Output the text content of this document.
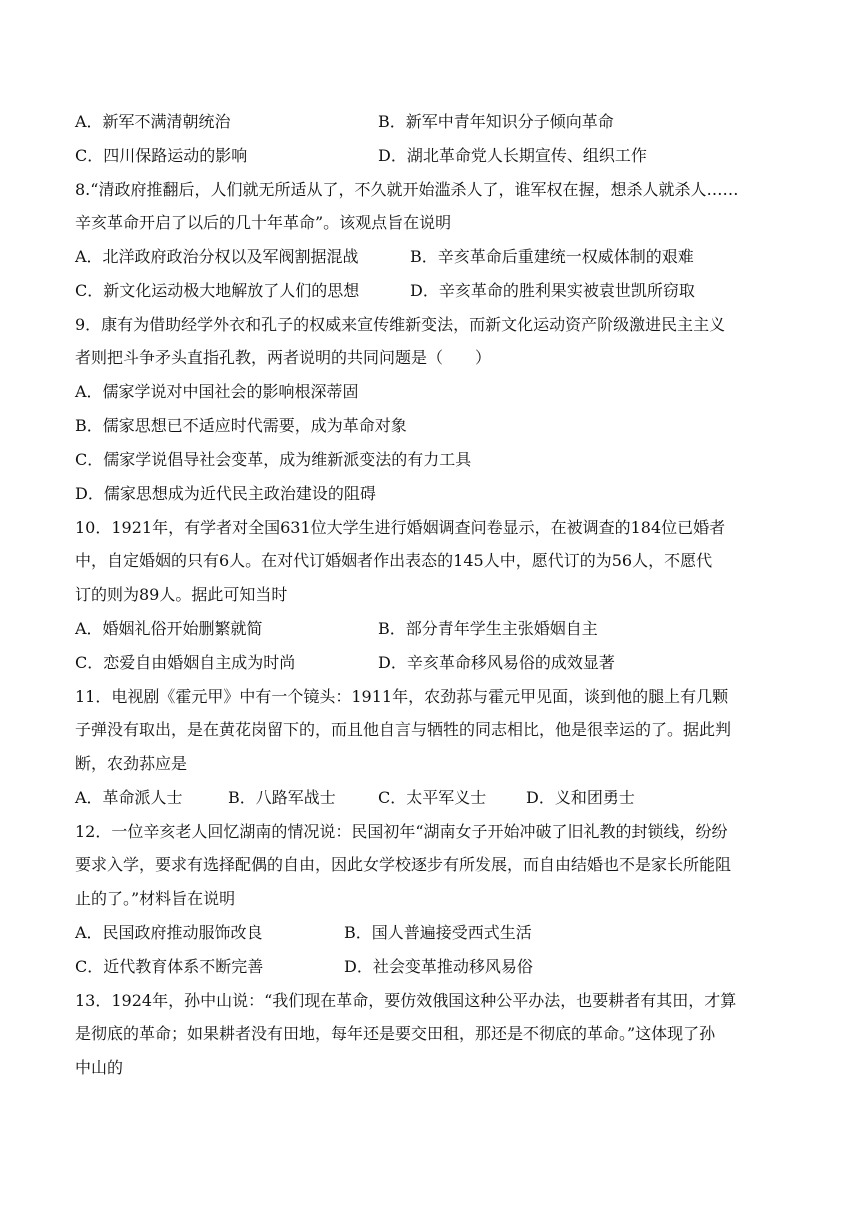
A．新军不满清朝统治	B．新军中青年知识分子倾向革命
C．四川保路运动的影响	D．湖北革命党人长期宣传、组织工作
8.“清政府推翻后，人们就无所适从了，不久就开始滥杀人了，谁军权在握，想杀人就杀人……
辛亥革命开启了以后的几十年革命”。该观点旨在说明
A．北洋政府政治分权以及军阀割据混战	B．辛亥革命后重建统一权威体制的艰难
C．新文化运动极大地解放了人们的思想	D．辛亥革命的胜利果实被袁世凯所窃取
9．康有为借助经学外衣和孔子的权威来宣传维新变法，而新文化运动资产阶级激进民主主义
者则把斗争矛头直指孔教，两者说明的共同问题是（　　）
A．儒家学说对中国社会的影响根深蒂固
B．儒家思想已不适应时代需要，成为革命对象
C．儒家学说倡导社会变革，成为维新派变法的有力工具
D．儒家思想成为近代民主政治建设的阻碍
10．1921年，有学者对全国631位大学生进行婚姻调查问卷显示，在被调查的184位已婚者
中，自定婚姻的只有6人。在对代订婚姻者作出表态的145人中，愿代订的为56人，不愿代
订的则为89人。据此可知当时
A．婚姻礼俗开始删繁就简	B．部分青年学生主张婚姻自主
C．恋爱自由婚姻自主成为时尚	D．辛亥革命移风易俗的成效显著
11．电视剧《霍元甲》中有一个镜头：1911年，农劲荪与霍元甲见面，谈到他的腿上有几颗
子弹没有取出，是在黄花岗留下的，而且他自言与牺牲的同志相比，他是很幸运的了。据此判
断，农劲荪应是
A．革命派人士	B．八路军战士	C．太平军义士 D．义和团勇士
12．一位辛亥老人回忆湖南的情况说：民国初年“湖南女子开始冲破了旧礼教的封锁线，纷纷
要求入学，要求有选择配偶的自由，因此女学校逐步有所发展，而自由结婚也不是家长所能阻
止的了。”材料旨在说明
A．民国政府推动服饰改良	B．国人普遍接受西式生活
C．近代教育体系不断完善	D．社会变革推动移风易俗
13．1924年，孙中山说：“我们现在革命，要仿效俄国这种公平办法，也要耕者有其田，才算
是彻底的革命；如果耕者没有田地，每年还是要交田租，那还是不彻底的革命。”这体现了孙
中山的
